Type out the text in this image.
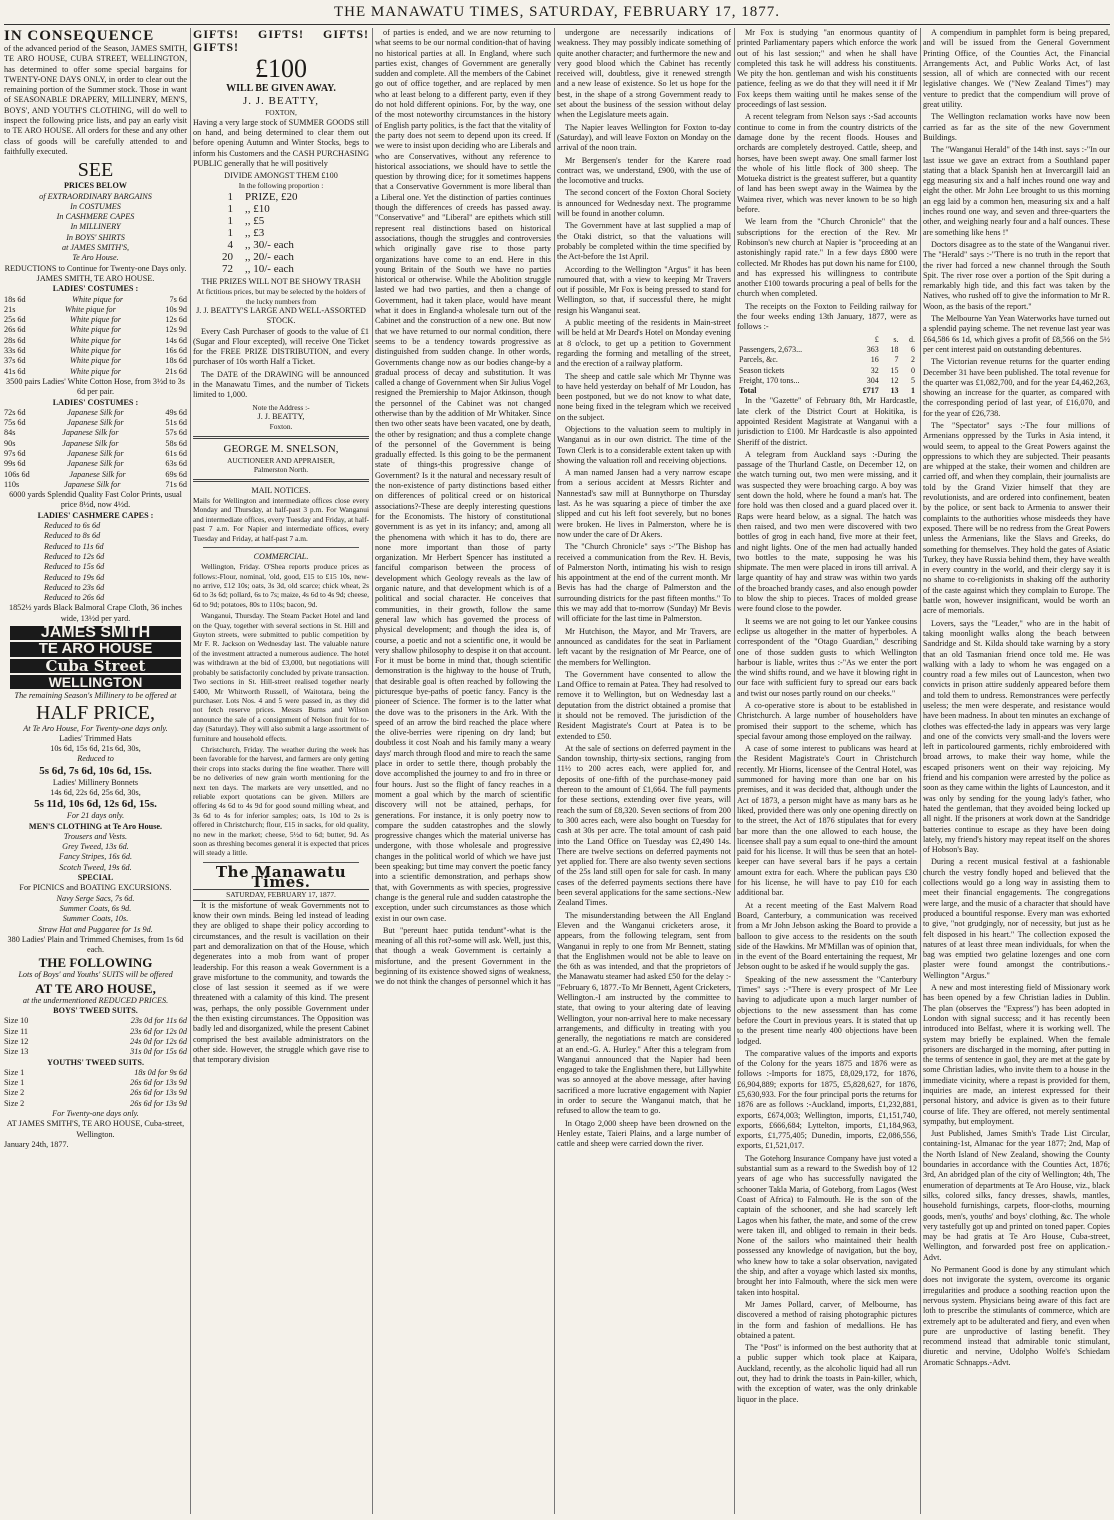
THE MANAWATU TIMES, SATURDAY, FEBRUARY 17, 1877.
IN CONSEQUENCE
of the advanced period of the Season, JAMES SMITH, TE ARO HOUSE, CUBA STREET, WELLINGTON, has determined to offer some special bargains for TWENTY-ONE DAYS ONLY, in order to clear out the remaining portion of the Summer stock. Those in want of SEASONABLE DRAPERY, MILLINERY, MEN'S, BOYS', AND YOUTH'S CLOTHING, will do well to inspect the following price lists, and pay an early visit to TE ARO HOUSE. All orders for these and any other class of goods will be carefully attended to and faithfully executed.
SEE
PRICES BELOW
of EXTRAORDINARY BARGAINS
In COSTUMES
In CASHMERE CAPES
In MILLINERY
In BOYS' SHIRTS
at JAMES SMITH'S,
Te Aro House.
REDUCTIONS to Continue for Twenty-one Days only.
JAMES SMITH, TE ARO HOUSE.
LADIES' COSTUMES :
18s 6d	White pique for	7s 6d
21s	White pique for	10s 9d
25s 6d	White pique for	12s 6d
26s 6d	White pique for	12s 9d
28s 6d	White pique for	14s 6d
33s 6d	White pique for	16s 6d
37s 6d	White pique for	18s 6d
41s 6d	White pique for	21s 6d
3500 pairs Ladies' White Cotton Hose, from 3½d to 3s 6d per pair.
LADIES' COSTUMES :
72s 6d	Japanese Silk for	49s 6d
75s 6d	Japanese Silk for	51s 6d
84s	Japanese Silk for	57s 6d
90s	Japanese Silk for	58s 6d
97s 6d	Japanese Silk for	61s 6d
99s 6d	Japanese Silk for	63s 6d
106s 6d	Japanese Silk for	69s 6d
110s	Japanese Silk for	71s 6d
6000 yards Splendid Quality Fast Color Prints, usual price 8½d, now 4½d.
LADIES' CASHMERE CAPES :
Reduced to 6s 6d
Reduced to 8s 6d
Reduced to 11s 6d
Reduced to 12s 6d
Reduced to 15s 6d
Reduced to 19s 6d
Reduced to 23s 6d
Reduced to 26s 6d
1852½ yards Black Balmoral Crape Cloth, 36 inches wide, 13½d per yard.
JAMES SMITH
TE ARO HOUSE
Cuba Street
WELLINGTON
The remaining Season's Millinery to be offered at
HALF PRICE,
At Te Aro House, For Twenty-one days only.
Ladies' Trimmed Hats
10s 6d, 15s 6d, 21s 6d, 30s,
Reduced to
5s 6d, 7s 6d, 10s 6d, 15s.
Ladies' Millinery Bonnets
14s 6d, 22s 6d, 25s 6d, 30s,
5s 11d, 10s 6d, 12s 6d, 15s.
For 21 days only.
MEN'S CLOTHING at Te Aro House.
Trousers and Vests.
Grey Tweed, 13s 6d.
Fancy Stripes, 16s 6d.
Scotch Tweed, 19s 6d.
SPECIAL
For PICNICS and BOATING EXCURSIONS.
Navy Serge Sacs, 7s 6d.
Summer Coats, 6s 9d.
Summer Coats, 10s.
Straw Hat and Puggaree for 1s 9d.
380 Ladies' Plain and Trimmed Chemises, from 1s 6d each.
THE FOLLOWING
Lots of Boys' and Youths' SUITS will be offered
AT TE ARO HOUSE,
at the undermentioned REDUCED PRICES.
BOYS' TWEED SUITS.
Size 10	23s 0d for 11s 6d
Size 11	23s 6d for 12s 0d
Size 12	24s 0d for 12s 6d
Size 13	31s 0d for 15s 6d
YOUTHS' TWEED SUITS.
Size 1	18s 0d for 9s 6d
Size 1	26s 6d for 13s 9d
Size 2	26s 6d for 13s 9d
Size 2	26s 6d for 13s 9d
For Twenty-one days only.
AT JAMES SMITH'S, TE ARO HOUSE, Cuba-street, Wellington.
January 24th, 1877.
GIFTS! GIFTS! GIFTS! GIFTS!
£100
WILL BE GIVEN AWAY.
J. J. BEATTY,
FOXTON,
Having a very large stock of SUMMER GOODS still on hand, and being determined to clear them out before opening Autumn and Winter Stocks, begs to inform his Customers and the CASH PURCHASING PUBLIC generally that he will positively
DIVIDE AMONGST THEM £100
In the following proportion :
1	PRIZE, £20
1	,, £10
1	,, £5
1	,, £3
4	,, 30/- each
20	,, 20/- each
72	,, 10/- each
THE PRIZES WILL NOT BE SHOWY TRASH
At fictitious prices, but may be selected by the holders of the lucky numbers from
J. J. BEATTY'S LARGE AND WELL-ASSORTED STOCK.

Every Cash Purchaser of goods to the value of £1 (Sugar and Flour excepted), will receive One Ticket for the FREE PRIZE DISTRIBUTION, and every purchaser of 10s worth Half a Ticket.

The DATE of the DRAWING will be announced in the Manawatu Times, and the number of Tickets limited to 1,000.

Note the Address :-
J. J. BEATTY,
Foxton.
GEORGE M. SNELSON,
AUCTIONEER AND APPRAISER,
Palmerston North.
MAIL NOTICES.
Mails for Wellington and intermediate offices close every Monday and Thursday, at half-past 3 p.m. For Wanganui and intermediate offices, every Tuesday and Friday, at half-past 7 a.m. For Napier and intermediate offices, every Tuesday and Friday, at half-past 7 a.m.
COMMERCIAL.

Wellington, Friday. O'Shea reports produce prices as follows:-Flour, nominal, 'old, good, £15 to £15 10s, new-no arrive, £12 10s; oats, 3s 3d, old scarce; chick wheat, 2s 6d to 3s 6d; pollard, 6s to 7s; maize, 4s 6d to 4s 9d; cheese, 6d to 9d; potatoes, 80s to 110s; bacon, 9d.

Wanganui, Thursday. The Steam Packet Hotel and land on the Quay, together with several sections in St. Hill and Guyton streets, were submitted to public competition by Mr F. R. Jackson on Wednesday last. The valuable nature of the investment attracted a numerous audience. The hotel was withdrawn at the bid of £3,000, but negotiations will probably be satisfactorily concluded by private transaction. Two sections in St. Hill-street realised together nearly £400, Mr Whitworth Russell, of Waitotara, being the purchaser. Lots Nos. 4 and 5 were passed in, as they did not fetch reserve prices. Messrs Burns and Wilson announce the sale of a consignment of Nelson fruit for to-day (Saturday). They will also submit a large assortment of furniture and household effects.

Christchurch, Friday. The weather during the week has been favorable for the harvest, and farmers are only getting their crops into stacks during the fine weather. There will be no deliveries of new grain worth mentioning for the next ten days. The markets are very unsettled, and no reliable export quotations can be given. Millers are offering 4s 6d to 4s 9d for good sound milling wheat, and 3s 6d to 4s for inferior samples; oats, 1s 10d to 2s is offered in Christchurch; flour, £15 in sacks, for old quality, no new in the market; cheese, 5½d to 6d; butter, 9d. As soon as threshing becomes general it is expected that prices will steady a little.

The Manawatu Times.
SATURDAY, FEBRUARY 17, 1877.

It is the misfortune of weak Governments not to know their own minds. Being led instead of leading they are obliged to shape their policy according to circumstances, and the result is vacillation on their part and demoralization on that of the House, which degenerates into a mob from want of proper leadership. For this reason a weak Government is a grave misfortune to the community, and towards the close of last session it seemed as if we were threatened with a calamity of this kind. The present was, perhaps, the only possible Government under the then existing circumstances. The Opposition was badly led and disorganized, while the present Cabinet comprised the best available administrators on the other side. However, the struggle which gave rise to that temporary division

of parties is ended, and we are now returning to what seems to be our normal condition-that of having no historical parties at all. In England, where such parties exist, changes of Government are generally sudden and complete. All the members of the Cabinet go out of office together, and are replaced by men who at least belong to a different party, even if they do not hold different opinions. For, by the way, one of the most noteworthy circumstances in the history of English party politics, is the fact that the vitality of the party does not seem to depend upon its creed. If we were to insist upon deciding who are Liberals and who are Conservatives, without any reference to historical associations, we should have to settle the question by throwing dice; for it sometimes happens that a Conservative Government is more liberal than a Liberal one. Yet the distinction of parties continues though the differences of creeds has passed away. "Conservative" and "Liberal" are epithets which still represent real distinctions based on historical associations, though the struggles and controversies which originally gave rise to those party organizations have come to an end. Here in this young Britain of the South we have no parties historical or otherwise. While the Abolition struggle lasted we had two parties, and then a change of Government, had it taken place, would have meant what it does in England-a wholesale turn out of the Cabinet and the construction of a new one. But now that we have returned to our normal condition, there seems to be a tendency towards progressive as distinguished from sudden change. In other words, Governments change now as our bodies change-by a gradual process of decay and substitution. It was called a change of Government when Sir Julius Vogel resigned the Premiership to Major Atkinson, though the personnel of the Cabinet was not changed otherwise than by the addition of Mr Whitaker. Since then two other seats have been vacated, one by death, the other by resignation; and thus a complete change of the personnel of the Government is being gradually effected. Is this going to be the permanent state of things-this progressive change of Government? Is it the natural and necessary result of the non-existence of party distinctions based either on differences of political creed or on historical associations?-These are deeply interesting questions for the Economists. The history of constitutional government is as yet in its infancy; and, among all the phenomena with which it has to do, there are none more important than those of party organization. Mr Herbert Spencer has instituted a fanciful comparison between the process of development which Geology reveals as the law of organic nature, and that development which is of a political and social character. He conceives that communities, in their growth, follow the same general law which has governed the process of physical development; and though the idea is, of course, a poetic and not a scientific one, it would be very shallow philosophy to despise it on that account. For it must be borne in mind that, though scientific demonstration is the highway to the house of Truth, that desirable goal is often reached by following the picturesque bye-paths of poetic fancy. Fancy is the pioneer of Science. The former is to the latter what the dove was to the prisoners in the Ark. With the speed of an arrow the bird reached the place where the olive-berries were ripening on dry land; but doubtless it cost Noah and his family many a weary days' march through flood and mire to reach the same place in order to settle there, though probably the dove accomplished the journey to and fro in three or four hours. Just so the flight of fancy reaches in a moment a goal which by the march of scientific discovery will not be attained, perhaps, for generations. For instance, it is only poetry now to compare the sudden catastrophes and the slowly progressive changes which the material universe has undergone, with those wholesale and progressive changes in the political world of which we have just been speaking; but time may convert the poetic fancy into a scientific demonstration, and perhaps show that, with Governments as with species, progressive change is the general rule and sudden catastrophe the exception, under such circumstances as those which exist in our own case.

But "pereunt haec putida tendunt"-what is the meaning of all this rot?-some will ask. Well, just this, that though a weak Government is certainly a misfortune, and the present Government in the beginning of its existence showed signs of weakness, we do not think the changes of personnel which it has

undergone are necessarily indications of weakness. They may possibly indicate something of quite another character; and furthermore the new and very good blood which the Cabinet has recently received will, doubtless, give it renewed strength and a new lease of existence. So let us hope for the best, in the shape of a strong Government ready to set about the business of the session without delay when the Legislature meets again.

The Napier leaves Wellington for Foxton to-day (Saturday), and will leave Foxton on Monday on the arrival of the noon train.

Mr Bergensen's tender for the Karere road contract was, we understand, £900, with the use of the locomotive and trucks.

The second concert of the Foxton Choral Society is announced for Wednesday next. The programme will be found in another column.

The Government have at last supplied a map of the Otaki district, so that the valuations will probably be completed within the time specified by the Act-before the 1st April.

According to the Wellington "Argus" it has been rumoured that, with a view to keeping Mr Travers out if possible, Mr Fox is being pressed to stand for Wellington, so that, if successful there, he might resign his Wanganui seat.

A public meeting of the residents in Main-street will be held at Mr Deard's Hotel on Monday evening at 8 o'clock, to get up a petition to Government regarding the forming and metalling of the street, and the erection of a railway platform.

The sheep and cattle sale which Mr Thynne was to have held yesterday on behalf of Mr Loudon, has been postponed, but we do not know to what date, none being fixed in the telegram which we received on the subject.

Objections to the valuation seem to multiply in Wanganui as in our own district. The time of the Town Clerk is to a considerable extent taken up with showing the valuation roll and receiving objections.

A man named Jansen had a very narrow escape from a serious accident at Messrs Richter and Nannestad's saw mill at Bunnythorpe on Thursday last. As he was squaring a piece of timber the axe slipped and cut his left foot severely, but no bones were broken. He lives in Palmerston, where he is now under the care of Dr Akers.

The "Church Chronicle" says :-"The Bishop has received a communication from the Rev. H. Bevis, of Palmerston North, intimating his wish to resign his appointment at the end of the current month. Mr Bevis has had the charge of Palmerston and the surrounding districts for the past fifteen months." To this we may add that to-morrow (Sunday) Mr Bevis will officiate for the last time in Palmerston.

Mr Hutchison, the Mayor, and Mr Travers, are announced as candidates for the seat in Parliament left vacant by the resignation of Mr Pearce, one of the members for Wellington.

The Government have consented to allow the Land Office to remain at Patea. They had resolved to remove it to Wellington, but on Wednesday last a deputation from the district obtained a promise that it should not be removed. The jurisdiction of the Resident Magistrate's Court at Patea is to be extended to £50.

At the sale of sections on deferred payment in the Sandon township, thirty-six sections, ranging from 11½ to 200 acres each, were applied for, and deposits of one-fifth of the purchase-money paid thereon to the amount of £1,664. The full payments for these sections, extending over five years, will reach the sum of £8,320. Seven sections of from 200 to 300 acres each, were also bought on Tuesday for cash at 30s per acre. The total amount of cash paid into the Land Office on Tuesday was £2,490 14s. There are twelve sections on deferred payments not yet applied for. There are also twenty seven sections of the 25s land still open for sale for cash. In many cases of the deferred payments sections there have been several applications for the same sections.-New Zealand Times.

The misunderstanding between the All England Eleven and the Wanganui cricketers arose, it appears, from the following telegram, sent from Wanganui in reply to one from Mr Bennett, stating that the Englishmen would not be able to leave on the 6th as was intended, and that the proprietors of the Manawatu steamer had asked £50 for the delay :-"February 6, 1877.-To Mr Bennett, Agent Cricketers, Wellington.-I am instructed by the committee to state, that owing to your altering date of leaving Wellington, your non-arrival here to make necessary arrangements, and difficulty in treating with you generally, the negotiations re match are considered at an end.-G. A. Hurley." After this a telegram from Wanganui announced that the Napier had been engaged to take the Englishmen there, but Lillywhite was so annoyed at the above message, after having sacrificed a more lucrative engagement with Napier in order to secure the Wanganui match, that he refused to allow the team to go.

In Otago 2,000 sheep have been drowned on the Henley estate, Taieri Plains, and a large number of cattle and sheep were carried down the river.

Mr Fox is studying "an enormous quantity of printed Parliamentary papers which enforce the work out of his last session;" and when he shall have completed this task he will address his constituents. We pity the hon. gentleman and wish his constituents patience, feeling as we do that they will need it if Mr Fox keeps them waiting until he makes sense of the proceedings of last session.

A recent telegram from Nelson says :-Sad accounts continue to come in from the country districts of the damage done by the recent floods. Houses and orchards are completely destroyed. Cattle, sheep, and horses, have been swept away. One small farmer lost the whole of his little flock of 300 sheep. The Motueka district is the greatest sufferer, but a quantity of land has been swept away in the Waimea by the Waimea river, which was never known to be so high before.

We learn from the "Church Chronicle" that the subscriptions for the erection of the Rev. Mr Robinson's new church at Napier is "proceeding at an astonishingly rapid rate." In a few days £800 were collected. Mr Rhodes has put down his name for £100, and has expressed his willingness to contribute another £100 towards procuring a peal of bells for the church when completed.

The receipts on the Foxton to Feilding railway for the four weeks ending 13th January, 1877, were as follows :-

	£	s.	d.
Passengers, 2,673...	363	18	6
Parcels, &c.	16	7	2
Season tickets	32	15	0
Freight, 170 tons...	304	12	5
Total	£717	13	1

In the "Gazette" of February 8th, Mr Hardcastle, late clerk of the District Court at Hokitika, is appointed Resident Magistrate at Wanganui with a jurisdiction to £100. Mr Hardcastle is also appointed Sheriff of the district.

A telegram from Auckland says :-During the passage of the Thurland Castle, on December 12, on the watch turning out, two men were missing, and it was suspected they were broaching cargo. A boy was sent down the hold, where he found a man's hat. The fore hold was then closed and a guard placed over it. Raps were heard below, as a signal. The hatch was then raised, and two men were discovered with two bottles of grog in each hand, five more at their feet, and night lights. One of the men had actually handed two bottles to the mate, supposing he was his shipmate. The men were placed in irons till arrival. A large quantity of hay and straw was within two yards of the broached brandy cases, and also enough powder to blow the ship to pieces. Traces of molded grease were found close to the powder.

It seems we are not going to let our Yankee cousins eclipse us altogether in the matter of hyperboles. A correspondent of the "Otago Guardian," describing one of those sudden gusts to which Wellington harbour is liable, writes thus :-"As we enter the port the wind shifts round, and we have it blowing right in our face with sufficient fury to spread our ears back and twist our noses partly round on our cheeks."

A co-operative store is about to be established in Christchurch. A large number of householders have promised their support to the scheme, which has special favour among those employed on the railway.

A case of some interest to publicans was heard at the Resident Magistrate's Court in Christchurch recently. Mr Hiorns, licensee of the Central Hotel, was summoned for having more than one bar on his premises, and it was decided that, although under the Act of 1873, a person might have as many bars as he liked, provided there was only one opening directly on to the street, the Act of 1876 stipulates that for every bar more than the one allowed to each house, the licensee shall pay a sum equal to one-third the amount paid for his license. It will thus be seen that an hotel-keeper can have several bars if he pays a certain amount extra for each. Where the publican pays £30 for his license, he will have to pay £10 for each additional bar.

At a recent meeting of the East Malvern Road Board, Canterbury, a communication was received from a Mr John Jebson asking the Board to provide a balloon to give access to the residents on the south side of the Hawkins. Mr M'Millan was of opinion that, in the event of the Board entertaining the request, Mr Jebson ought to be asked if he would supply the gas.

Speaking of the new assessment the "Canterbury Times" says :-"There is every prospect of Mr Lee having to adjudicate upon a much larger number of objections to the new assessment than has come before the Court in previous years. It is stated that up to the present time nearly 400 objections have been lodged.

The comparative values of the imports and exports of the Colony for the years 1875 and 1876 were as follows :-Imports for 1875, £8,029,172, for 1876, £6,904,889; exports for 1875, £5,828,627, for 1876, £5,630,933. For the four principal ports the returns for 1876 are as follows :-Auckland, imports, £1,232,881, exports, £674,003; Wellington, imports, £1,151,740, exports, £666,684; Lyttelton, imports, £1,184,963, exports, £1,775,405; Dunedin, imports, £2,086,556, exports, £1,521,017.

The Gotehorg Insurance Company have just voted a substantial sum as a reward to the Swedish boy of 12 years of age who has successfully navigated the schooner Takla Maria, of Goteborg, from Lagos (West Coast of Africa) to Falmouth. He is the son of the captain of the schooner, and she had scarcely left Lagos when his father, the mate, and some of the crew were taken ill, and obliged to remain in their beds. None of the sailors who maintained their health possessed any knowledge of navigation, but the boy, who knew how to take a solar observation, navigated the ship, and after a voyage which lasted six months, brought her into Falmouth, where the sick men were taken into hospital.

Mr James Pollard, carver, of Melbourne, has discovered a method of raising photographic pictures in the form and fashion of medallions. He has obtained a patent.

The "Post" is informed on the best authority that at a public supper which took place at Kaipara, Auckland, recently, as the alcoholic liquid had all run out, they had to drink the toasts in Pain-killer, which, with the exception of water, was the only drinkable liquor in the place.

A compendium in pamphlet form is being prepared, and will be issued from the General Government Printing Office, of the Counties Act, the Financial Arrangements Act, and Public Works Act, of last session, all of which are connected with our recent legislative changes. We ("New Zealand Times") may venture to predict that the compendium will prove of great utility.

The Wellington reclamation works have now been carried as far as the site of the new Government Buildings.

The "Wanganui Herald" of the 14th inst. says :-"In our last issue we gave an extract from a Southland paper stating that a black Spanish hen at Invercargill laid an egg measuring six and a half inches round one way and eight the other. Mr John Lee brought to us this morning an egg laid by a common hen, measuring six and a half inches round one way, and seven and three-quarters the other, and weighing nearly four and a half ounces. These are something like hens !"

Doctors disagree as to the state of the Wanganui river. The "Herald" says :-"There is no truth in the report that the river had forced a new channel through the South Spit. The river rose over a portion of the Spit during a remarkably high tide, and this fact was taken by the Natives, who rushed off to give the information to Mr R. Woon, as the basis of the report."

The Melbourne Yan Yean Waterworks have turned out a splendid paying scheme. The net revenue last year was £64,586 6s 1d, which gives a profit of £8,566 on the 5½ per cent interest paid on outstanding debentures.

The Victorian revenue returns for the quarter ending December 31 have been published. The total revenue for the quarter was £1,082,700, and for the year £4,462,263, showing an increase for the quarter, as compared with the corresponding period of last year, of £16,070, and for the year of £26,738.

The "Spectator" says :-The four millions of Armenians oppressed by the Turks in Asia intend, it would seem, to appeal to the Great Powers against the oppressions to which they are subjected. Their peasants are whipped at the stake, their women and children are carried off, and when they complain, their journalists are told by the Grand Vizier himself that they are revolutionists, and are ordered into confinement, beaten by the police, or sent back to Armenia to answer their complaints to the authorities whose misdeeds they have exposed. There will be no redress from the Great Powers unless the Armenians, like the Slavs and Greeks, do something for themselves. They hold the gates of Asiatic Turkey, they have Russia behind them, they have wealth in every country in the world, and their clergy say it is no shame to co-religionists in shaking off the authority of the caste against which they complain to Europe. The battle won, however insignificant, would be worth an acre of memorials.

Lovers, says the "Leader," who are in the habit of taking moonlight walks along the beach between Sandridge and St. Kilda should take warning by a story that an old Tasmanian friend once told me. He was walking with a lady to whom he was engaged on a country road a few miles out of Launceston, when two convicts in prison attire suddenly appeared before them and told them to undress. Remonstrances were perfectly useless; the men were desperate, and resistance would have been madness. In about ten minutes an exchange of clothes was effected-the lady in appears was very large and one of the convicts very small-and the lovers were left in particoloured garments, richly embroidered with broad arrows, to make their way home, while the escaped prisoners went on their way rejoicing. My friend and his companion were arrested by the police as soon as they came within the lights of Launceston, and it was only by sending for the young lady's father, who hated the gentleman, that they avoided being locked up all night. If the prisoners at work down at the Sandridge batteries continue to escape as they have been doing lately, my friend's history may repeat itself on the shores of Hobson's Bay.

During a recent musical festival at a fashionable church the vestry fondly hoped and believed that the collections would go a long way in assisting them to meet their financial engagements. The congregations were large, and the music of a character that should have produced a bountiful response. Every man was exhorted to give, "not grudgingly, nor of necessity, but just as he felt disposed in his heart." The collection exposed the natures of at least three mean individuals, for when the bag was emptied two gelatine lozenges and one corn plaster were found amongst the contributions.-Wellington "Argus."

A new and most interesting field of Missionary work has been opened by a few Christian ladies in Dublin. The plan (observes the "Express") has been adopted in London with signal success; and it has recently been introduced into Belfast, where it is working well. The system may briefly be explained. When the female prisoners are discharged in the morning, after putting in the terms of sentence in gaol, they are met at the gate by some Christian ladies, who invite them to a house in the immediate vicinity, where a repast is provided for them, inquiries are made, an interest expressed for their personal history, and advice is given as to their future course of life. They are offered, not merely sentimental sympathy, but employment.

Just Published, James Smith's Trade List Circular, containing-1st, Almanac for the year 1877; 2nd, Map of the North Island of New Zealand, showing the County boundaries in accordance with the Counties Act, 1876; 3rd, An abridged plan of the city of Wellington; 4th, The enumeration of departments at Te Aro House, viz., black silks, colored silks, fancy dresses, shawls, mantles, household furnishings, carpets, floor-cloths, mourning goods, men's, youths' and boys' clothing, &c. The whole very tastefully got up and printed on toned paper. Copies may be had gratis at Te Aro House, Cuba-street, Wellington, and forwarded post free on application.-Advt.

No Permanent Good is done by any stimulant which does not invigorate the system, overcome its organic irregularities and produce a soothing reaction upon the nervous system. Physicians being aware of this fact are loth to prescribe the stimulants of commerce, which are extremely apt to be adulterated and fiery, and even when pure are unproductive of lasting benefit. They recommend instead that admirable tonic stimulant, diuretic and nervine, Udolpho Wolfe's Schiedam Aromatic Schnapps.-Advt.
